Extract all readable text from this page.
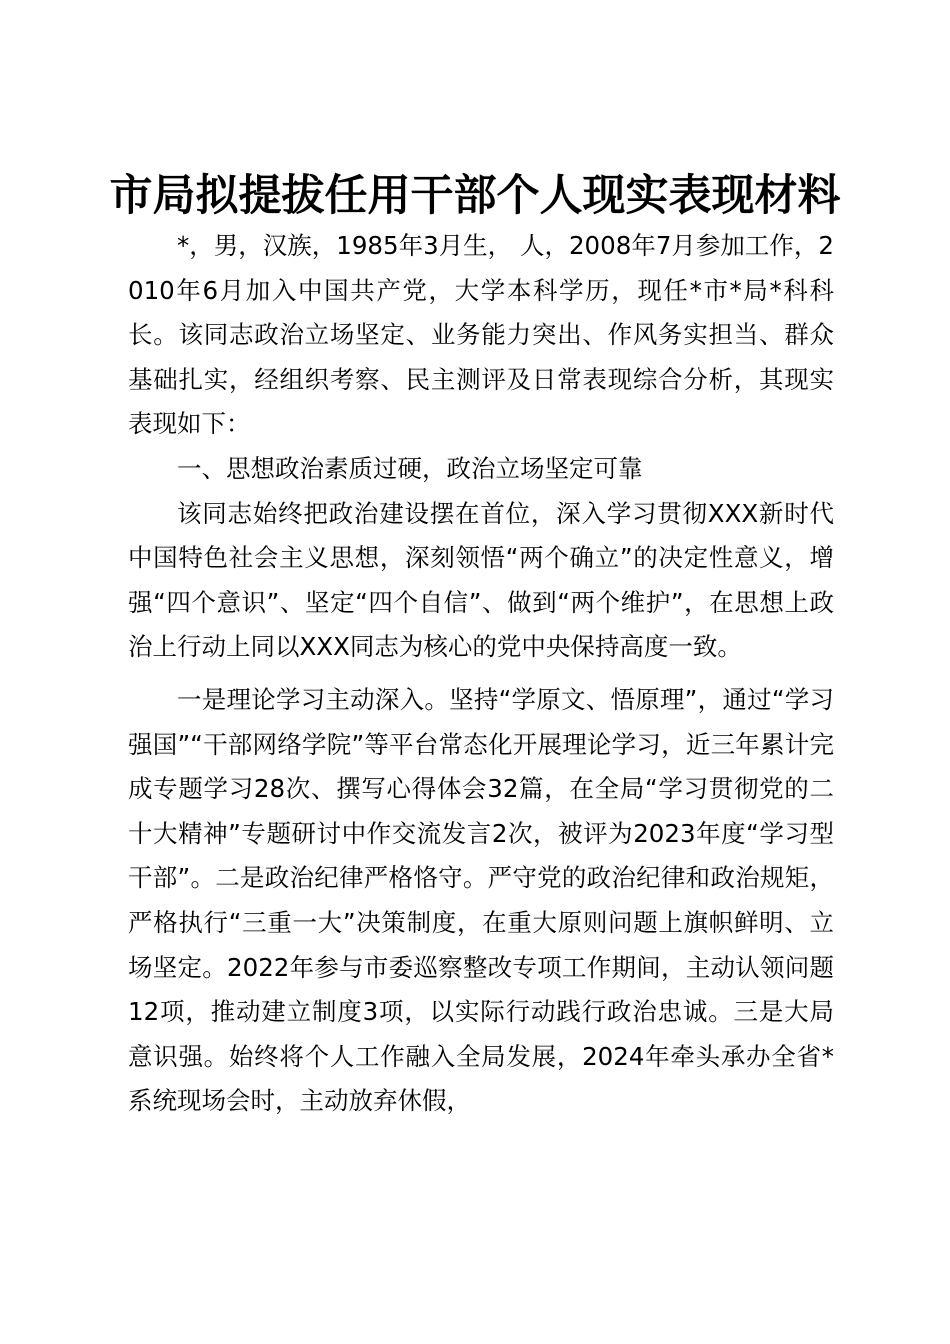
市局拟提拔任用干部个人现实表现材料

*，男，汉族，1985年3月生， 人，2008年7月参加工作，2010年6月加入中国共产党，大学本科学历，现任*市*局*科科长。该同志政治立场坚定、业务能力突出、作风务实担当、群众基础扎实，经组织考察、民主测评及日常表现综合分析，其现实表现如下：

一、思想政治素质过硬，政治立场坚定可靠

该同志始终把政治建设摆在首位，深入学习贯彻XXX新时代中国特色社会主义思想，深刻领悟“两个确立”的决定性意义，增强“四个意识”、坚定“四个自信”、做到“两个维护”，在思想上政治上行动上同以XXX同志为核心的党中央保持高度一致。

一是理论学习主动深入。坚持“学原文、悟原理”，通过“学习强国”“干部网络学院”等平台常态化开展理论学习，近三年累计完成专题学习28次、撰写心得体会32篇，在全局“学习贯彻党的二十大精神”专题研讨中作交流发言2次，被评为2023年度“学习型干部”。二是政治纪律严格恪守。严守党的政治纪律和政治规矩，严格执行“三重一大”决策制度，在重大原则问题上旗帜鲜明、立场坚定。2022年参与市委巡察整改专项工作期间，主动认领问题12项，推动建立制度3项，以实际行动践行政治忠诚。三是大局意识强。始终将个人工作融入全局发展，2024年牵头承办全省*系统现场会时，主动放弃休假，
